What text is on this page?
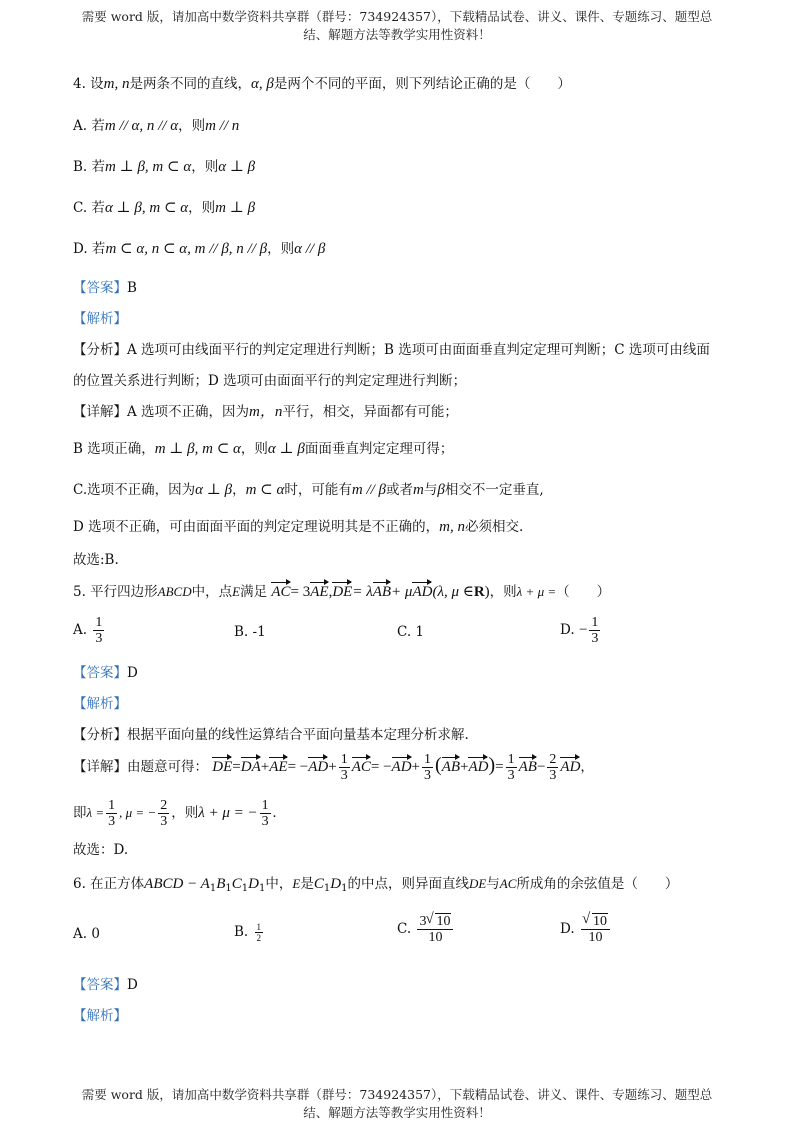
需要 word 版，请加高中数学资料共享群（群号：734924357），下载精品试卷、讲义、课件、专题练习、题型总
结、解题方法等教学实用性资料！
4. 设m, n是两条不同的直线，α, β是两个不同的平面，则下列结论正确的是（　　）
A. 若m // α, n // α，则m // n
B. 若m ⊥ β, m ⊂ α，则α ⊥ β
C. 若α ⊥ β, m ⊂ α，则m ⊥ β
D. 若m ⊂ α, n ⊂ α, m // β, n // β，则α // β
【答案】B
【解析】
【分析】A 选项可由线面平行的判定定理进行判断；B 选项可由面面垂直判定定理可判断；C 选项可由线面
的位置关系进行判断；D 选项可由面面平行的判定定理进行判断；
【详解】A 选项不正确，因为m，n平行，相交，异面都有可能；
B 选项正确，m ⊥ β, m ⊂ α，则α ⊥ β面面垂直判定定理可得；
C.选项不正确，因为α ⊥ β，m ⊂ α时，可能有m // β或者m与β相交不一定垂直,
D 选项不正确，可由面面平面的判定定理说明其是不正确的，m, n必须相交.
故选:B.
5. 平行四边形ABCD中，点E满足 AC= 3AE,DE= λAB+ μAD(λ, μ ∈R)，则λ + μ =（　　）
A. $\frac{1}{3}$	B. -1	C. 1	D. − $\frac{1}{3}$
【答案】D
【解析】
【分析】根据平面向量的线性运算结合平面向量基本定理分析求解.
【详解】由题意可得： $DE=DA+AE= -AD+ \frac{1}{3} AC= -AD+ \frac{1}{3} (AB+AD)= \frac{1}{3} AB- \frac{2}{3}$ AD，
即$\lambda = \frac{1}{3}$ , μ = − $\frac{2}{3}$ ，则λ + μ = − $\frac{1}{3}$ .
故选：D.
6. 在正方体ABCD − $A_1B_1C_1D_1$中，E是$C_1D_1$的中点，则异面直线DE与AC所成角的余弦值是（　　）
A. 0	B. $\frac{1}{2}$	C. $\frac{3 √ 10}{10}$	D. √ $\frac{10}{10}$
【答案】D
【解析】
需要 word 版，请加高中数学资料共享群（群号：734924357），下载精品试卷、讲义、课件、专题练习、题型总
结、解题方法等教学实用性资料！
